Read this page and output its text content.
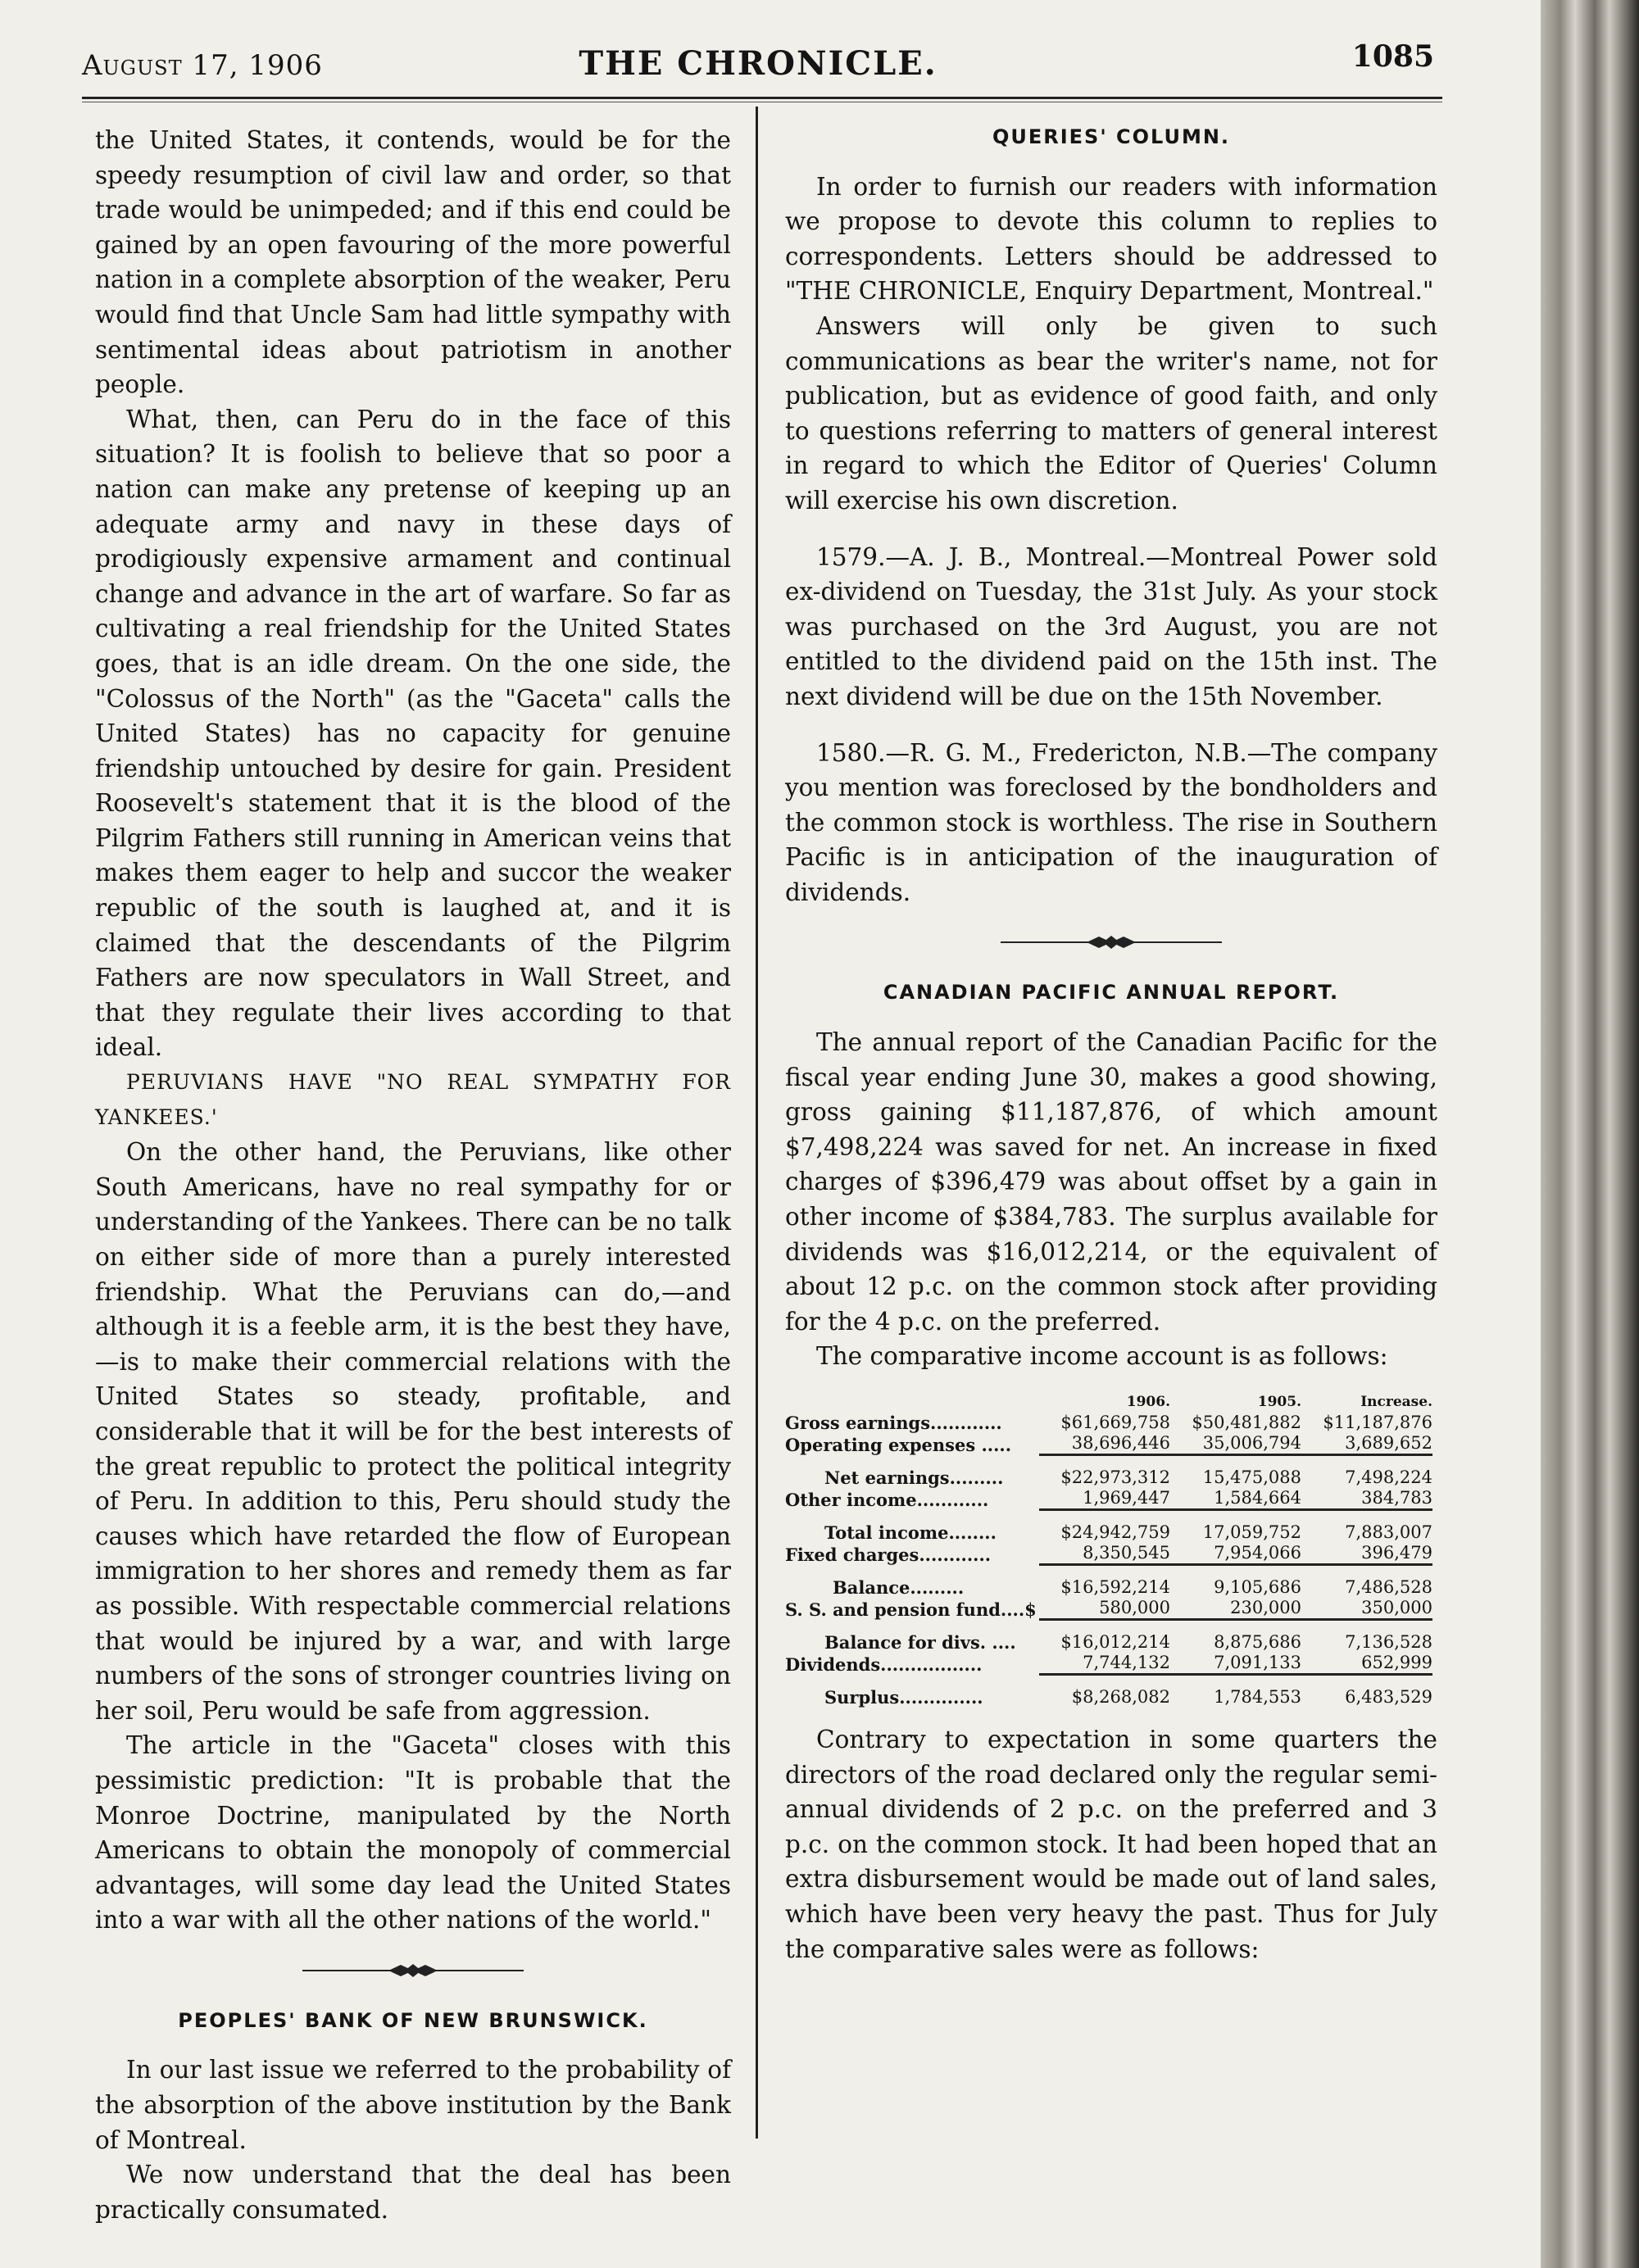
August 17, 1906	THE CHRONICLE.	1085

the United States, it contends, would be for the speedy resumption of civil law and order, so that trade would be unimpeded; and if this end could be gained by an open favouring of the more powerful nation in a complete absorption of the weaker, Peru would find that Uncle Sam had little sympathy with sentimental ideas about patriotism in another people.

What, then, can Peru do in the face of this situation? It is foolish to believe that so poor a nation can make any pretense of keeping up an adequate army and navy in these days of prodigiously expensive armament and continual change and advance in the art of warfare. So far as cultivating a real friendship for the United States goes, that is an idle dream. On the one side, the "Colossus of the North" (as the "Gaceta" calls the United States) has no capacity for genuine friendship untouched by desire for gain. President Roosevelt's statement that it is the blood of the Pilgrim Fathers still running in American veins that makes them eager to help and succor the weaker republic of the south is laughed at, and it is claimed that the descendants of the Pilgrim Fathers are now speculators in Wall Street, and that they regulate their lives according to that ideal.

PERUVIANS HAVE "NO REAL SYMPATHY FOR YANKEES.'

On the other hand, the Peruvians, like other South Americans, have no real sympathy for or understanding of the Yankees. There can be no talk on either side of more than a purely interested friendship. What the Peruvians can do,—and although it is a feeble arm, it is the best they have,—is to make their commercial relations with the United States so steady, profitable, and considerable that it will be for the best interests of the great republic to protect the political integrity of Peru. In addition to this, Peru should study the causes which have retarded the flow of European immigration to her shores and remedy them as far as possible. With respectable commercial relations that would be injured by a war, and with large numbers of the sons of stronger countries living on her soil, Peru would be safe from aggression.

The article in the "Gaceta" closes with this pessimistic prediction: "It is probable that the Monroe Doctrine, manipulated by the North Americans to obtain the monopoly of commercial advantages, will some day lead the United States into a war with all the other nations of the world."

PEOPLES' BANK OF NEW BRUNSWICK.

In our last issue we referred to the probability of the absorption of the above institution by the Bank of Montreal.

We now understand that the deal has been practically consumated.

QUERIES' COLUMN.

In order to furnish our readers with information we propose to devote this column to replies to correspondents. Letters should be addressed to "THE CHRONICLE, Enquiry Department, Montreal."

Answers will only be given to such communications as bear the writer's name, not for publication, but as evidence of good faith, and only to questions referring to matters of general interest in regard to which the Editor of Queries' Column will exercise his own discretion.

1579.—A. J. B., Montreal.—Montreal Power sold ex-dividend on Tuesday, the 31st July. As your stock was purchased on the 3rd August, you are not entitled to the dividend paid on the 15th inst. The next dividend will be due on the 15th November.

1580.—R. G. M., Fredericton, N.B.—The company you mention was foreclosed by the bondholders and the common stock is worthless. The rise in Southern Pacific is in anticipation of the inauguration of dividends.

CANADIAN PACIFIC ANNUAL REPORT.

The annual report of the Canadian Pacific for the fiscal year ending June 30, makes a good showing, gross gaining $11,187,876, of which amount $7,498,224 was saved for net. An increase in fixed charges of $396,479 was about offset by a gain in other income of $384,783. The surplus available for dividends was $16,012,214, or the equivalent of about 12 p.c. on the common stock after providing for the 4 p.c. on the preferred.

The comparative income account is as follows:

	1906.	1905.	Increase.
Gross earnings............	$61,669,758	$50,481,882	$11,187,876
Operating expenses .....	38,696,446	35,006,794	3,689,652
Net earnings.........	$22,973,312	15,475,088	7,498,224
Other income............	1,969,447	1,584,664	384,783
Total income........	$24,942,759	17,059,752	7,883,007
Fixed charges............	8,350,545	7,954,066	396,479
Balance.........	$16,592,214	9,105,686	7,486,528
S. S. and pension fund....$	580,000	230,000	350,000
Balance for divs. ....	$16,012,214	8,875,686	7,136,528
Dividends.................	7,744,132	7,091,133	652,999
Surplus..............	$8,268,082	1,784,553	6,483,529

Contrary to expectation in some quarters the directors of the road declared only the regular semi-annual dividends of 2 p.c. on the preferred and 3 p.c. on the common stock. It had been hoped that an extra disbursement would be made out of land sales, which have been very heavy the past. Thus for July the comparative sales were as follows:
